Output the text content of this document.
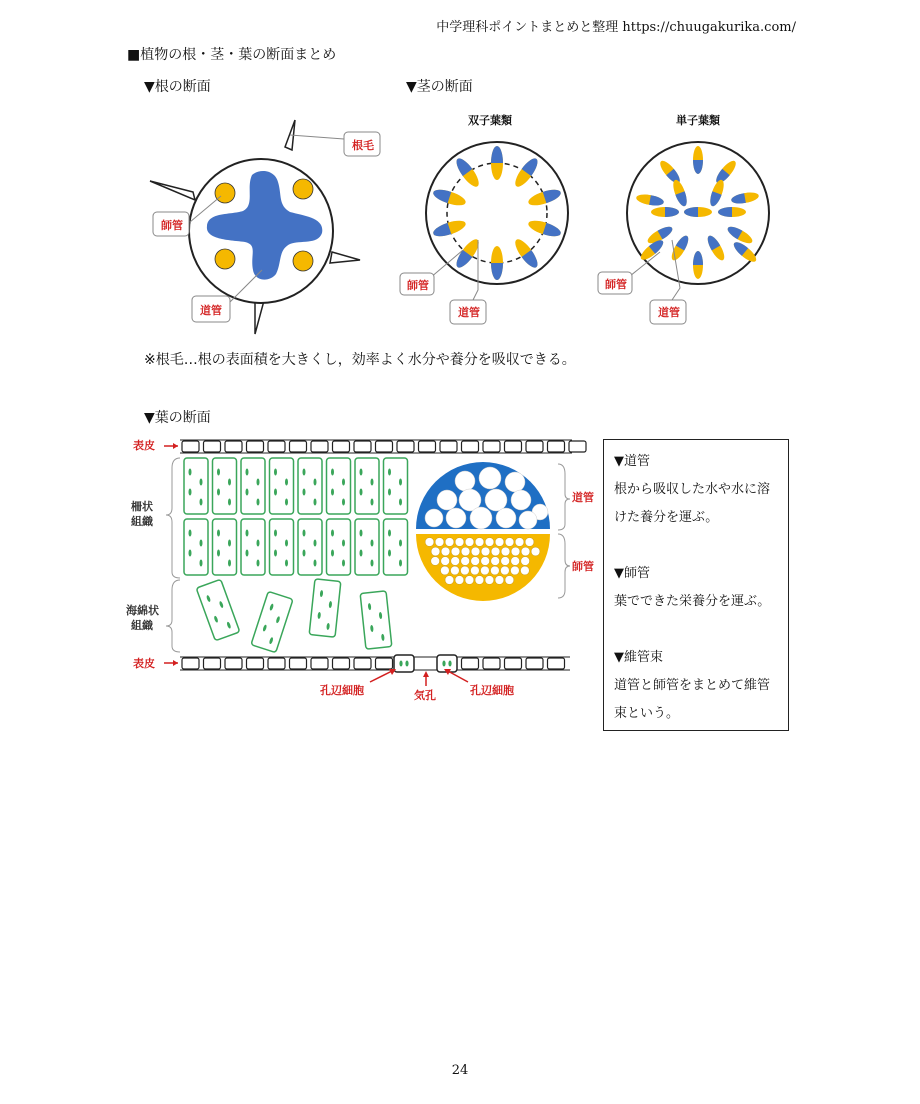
中学理科ポイントまとめと整理 https://chuugakurika.com/
■植物の根・茎・葉の断面まとめ
▼根の断面	▼茎の断面
根毛
師管
道管
双子葉類
師管
道管
単子葉類
師管
道管
※根毛…根の表面積を大きくし，効率よく水分や養分を吸収できる。
▼葉の断面
表皮
柵状
組織
海綿状
組織
表皮
道管
師管
孔辺細胞	気孔	孔辺細胞
▼道管
根から吸収した水や水に溶けた養分を運ぶ。
▼師管
葉でできた栄養分を運ぶ。
▼維管束
道管と師管をまとめて維管束という。
24
